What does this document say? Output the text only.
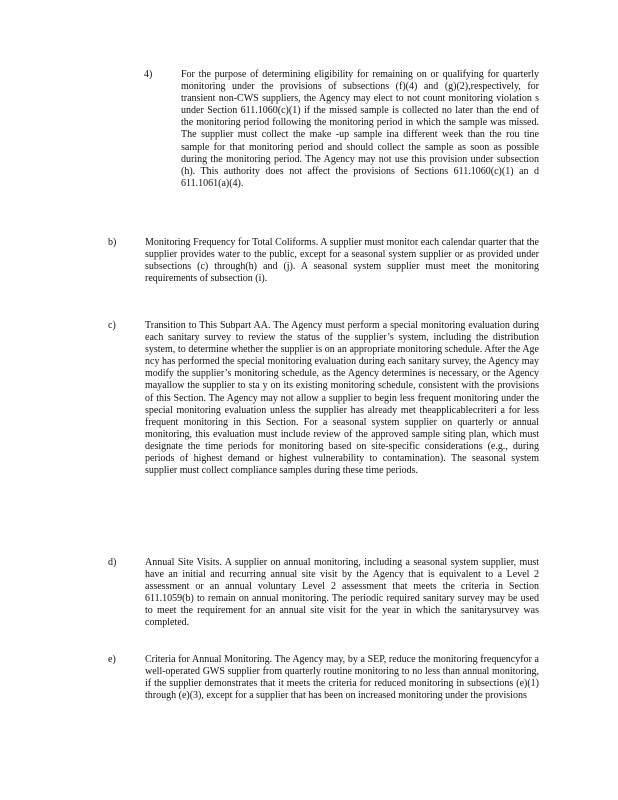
4)	For the purpose of determining eligibility for remaining on or qualifying for quarterly monitoring under the provisions of subsections (f)(4) and (g)(2),respectively, for transient non-CWS suppliers, the Agency may elect to not count monitoring violation s under Section 611.1060(c)(1) if the missed sample is collected no later than the end of the monitoring period following the monitoring period in which the sample was missed. The supplier must collect the make -up sample ina different week than the rou tine sample for that monitoring period and should collect the sample as soon as possible during the monitoring period. The Agency may not use this provision under subsection (h). This authority does not affect the provisions of Sections 611.1060(c)(1) an d 611.1061(a)(4).
b)	Monitoring Frequency for Total Coliforms. A supplier must monitor each calendar quarter that the supplier provides water to the public, except for a seasonal system supplier or as provided under subsections (c) through(h) and (j). A seasonal system supplier must meet the monitoring requirements of subsection (i).
c)	Transition to This Subpart AA. The Agency must perform a special monitoring evaluation during each sanitary survey to review the status of the supplier’s system, including the distribution system, to determine whether the supplier is on an appropriate monitoring schedule. After the Age ncy has performed the special monitoring evaluation during each sanitary survey, the Agency may modify the supplier’s monitoring schedule, as the Agency determines is necessary, or the Agency mayallow the supplier to sta y on its existing monitoring schedule, consistent with the provisions of this Section. The Agency may not allow a supplier to begin less frequent monitoring under the special monitoring evaluation unless the supplier has already met theapplicablecriteri a for less frequent monitoring in this Section. For a seasonal system supplier on quarterly or annual monitoring, this evaluation must include review of the approved sample siting plan, which must designate the time periods for monitoring based on site-specific considerations (e.g., during periods of highest demand or highest vulnerability to contamination). The seasonal system supplier must collect compliance samples during these time periods.
d)	Annual Site Visits. A supplier on annual monitoring, including a seasonal system supplier, must have an initial and recurring annual site visit by the Agency that is equivalent to a Level 2 assessment or an annual voluntary Level 2 assessment that meets the criteria in Section 611.1059(b) to remain on annual monitoring. The periodic required sanitary survey may be used to meet the requirement for an annual site visit for the year in which the sanitarysurvey was completed.
e)	Criteria for Annual Monitoring. The Agency may, by a SEP, reduce the monitoring frequencyfor a well-operated GWS supplier from quarterly routine monitoring to no less than annual monitoring, if the supplier demonstrates that it meets the criteria for reduced monitoring in subsections (e)(1) through (e)(3), except for a supplier that has been on increased monitoring under the provisions
